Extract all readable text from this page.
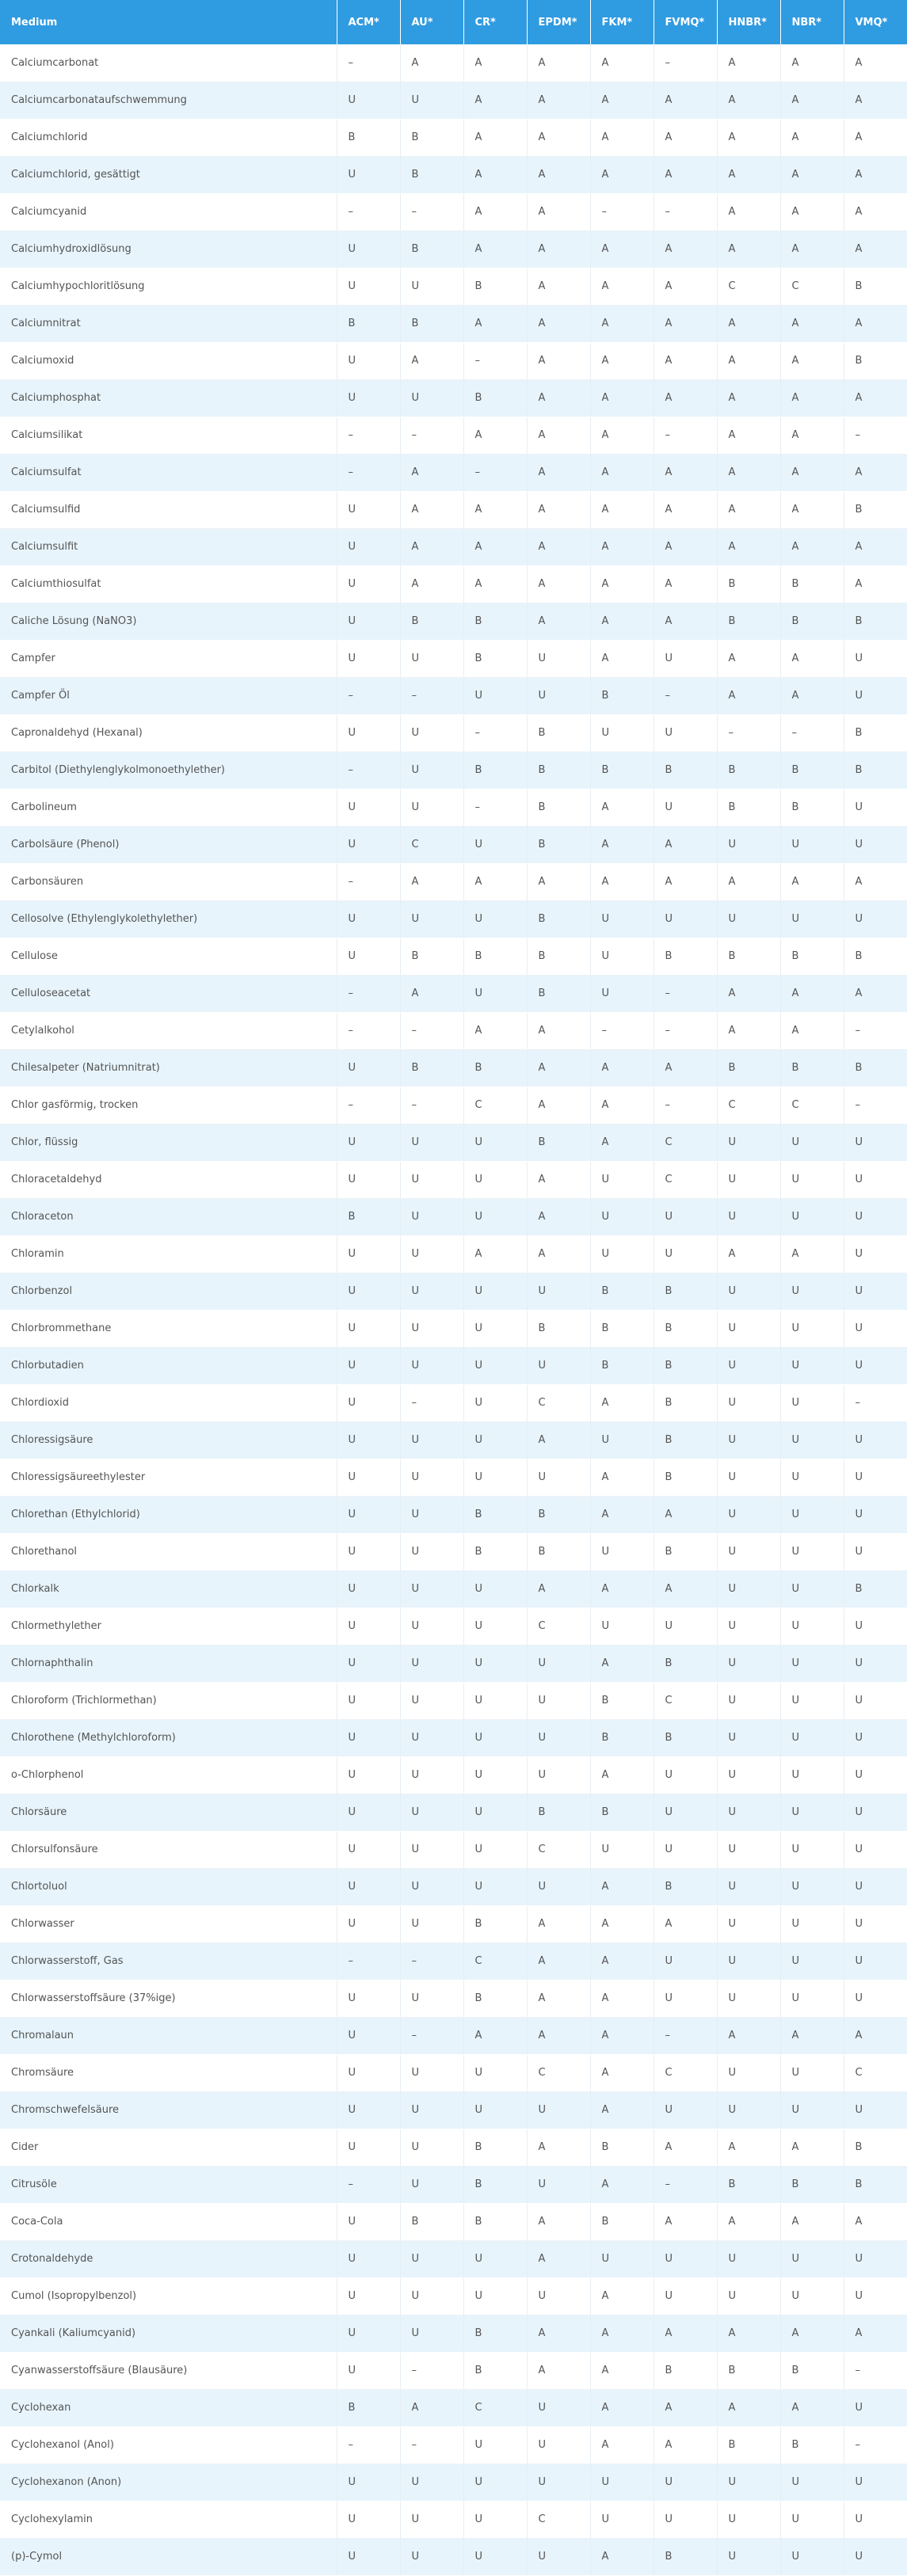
Medium	ACM*	AU*	CR*	EPDM*	FKM*	FVMQ*	HNBR*	NBR*	VMQ*
Calciumcarbonat	–	A	A	A	A	–	A	A	A
Calciumcarbonataufschwemmung	U	U	A	A	A	A	A	A	A
Calciumchlorid	B	B	A	A	A	A	A	A	A
Calciumchlorid, gesättigt	U	B	A	A	A	A	A	A	A
Calciumcyanid	–	–	A	A	–	–	A	A	A
Calciumhydroxidlösung	U	B	A	A	A	A	A	A	A
Calciumhypochloritlösung	U	U	B	A	A	A	C	C	B
Calciumnitrat	B	B	A	A	A	A	A	A	A
Calciumoxid	U	A	–	A	A	A	A	A	B
Calciumphosphat	U	U	B	A	A	A	A	A	A
Calciumsilikat	–	–	A	A	A	–	A	A	–
Calciumsulfat	–	A	–	A	A	A	A	A	A
Calciumsulfid	U	A	A	A	A	A	A	A	B
Calciumsulfit	U	A	A	A	A	A	A	A	A
Calciumthiosulfat	U	A	A	A	A	A	B	B	A
Caliche Lösung (NaNO3)	U	B	B	A	A	A	B	B	B
Campfer	U	U	B	U	A	U	A	A	U
Campfer Öl	–	–	U	U	B	–	A	A	U
Capronaldehyd (Hexanal)	U	U	–	B	U	U	–	–	B
Carbitol (Diethylenglykolmonoethylether)	–	U	B	B	B	B	B	B	B
Carbolineum	U	U	–	B	A	U	B	B	U
Carbolsäure (Phenol)	U	C	U	B	A	A	U	U	U
Carbonsäuren	–	A	A	A	A	A	A	A	A
Cellosolve (Ethylenglykolethylether)	U	U	U	B	U	U	U	U	U
Cellulose	U	B	B	B	U	B	B	B	B
Celluloseacetat	–	A	U	B	U	–	A	A	A
Cetylalkohol	–	–	A	A	–	–	A	A	–
Chilesalpeter (Natriumnitrat)	U	B	B	A	A	A	B	B	B
Chlor gasförmig, trocken	–	–	C	A	A	–	C	C	–
Chlor, flüssig	U	U	U	B	A	C	U	U	U
Chloracetaldehyd	U	U	U	A	U	C	U	U	U
Chloraceton	B	U	U	A	U	U	U	U	U
Chloramin	U	U	A	A	U	U	A	A	U
Chlorbenzol	U	U	U	U	B	B	U	U	U
Chlorbrommethane	U	U	U	B	B	B	U	U	U
Chlorbutadien	U	U	U	U	B	B	U	U	U
Chlordioxid	U	–	U	C	A	B	U	U	–
Chloressigsäure	U	U	U	A	U	B	U	U	U
Chloressigsäureethylester	U	U	U	U	A	B	U	U	U
Chlorethan (Ethylchlorid)	U	U	B	B	A	A	U	U	U
Chlorethanol	U	U	B	B	U	B	U	U	U
Chlorkalk	U	U	U	A	A	A	U	U	B
Chlormethylether	U	U	U	C	U	U	U	U	U
Chlornaphthalin	U	U	U	U	A	B	U	U	U
Chloroform (Trichlormethan)	U	U	U	U	B	C	U	U	U
Chlorothene (Methylchloroform)	U	U	U	U	B	B	U	U	U
o-Chlorphenol	U	U	U	U	A	U	U	U	U
Chlorsäure	U	U	U	B	B	U	U	U	U
Chlorsulfonsäure	U	U	U	C	U	U	U	U	U
Chlortoluol	U	U	U	U	A	B	U	U	U
Chlorwasser	U	U	B	A	A	A	U	U	U
Chlorwasserstoff, Gas	–	–	C	A	A	U	U	U	U
Chlorwasserstoffsäure (37%ige)	U	U	B	A	A	U	U	U	U
Chromalaun	U	–	A	A	A	–	A	A	A
Chromsäure	U	U	U	C	A	C	U	U	C
Chromschwefelsäure	U	U	U	U	A	U	U	U	U
Cider	U	U	B	A	B	A	A	A	B
Citrusöle	–	U	B	U	A	–	B	B	B
Coca-Cola	U	B	B	A	B	A	A	A	A
Crotonaldehyde	U	U	U	A	U	U	U	U	U
Cumol (Isopropylbenzol)	U	U	U	U	A	U	U	U	U
Cyankali (Kaliumcyanid)	U	U	B	A	A	A	A	A	A
Cyanwasserstoffsäure (Blausäure)	U	–	B	A	A	B	B	B	–
Cyclohexan	B	A	C	U	A	A	A	A	U
Cyclohexanol (Anol)	–	–	U	U	A	A	B	B	–
Cyclohexanon (Anon)	U	U	U	U	U	U	U	U	U
Cyclohexylamin	U	U	U	C	U	U	U	U	U
(p)-Cymol	U	U	U	U	A	B	U	U	U
